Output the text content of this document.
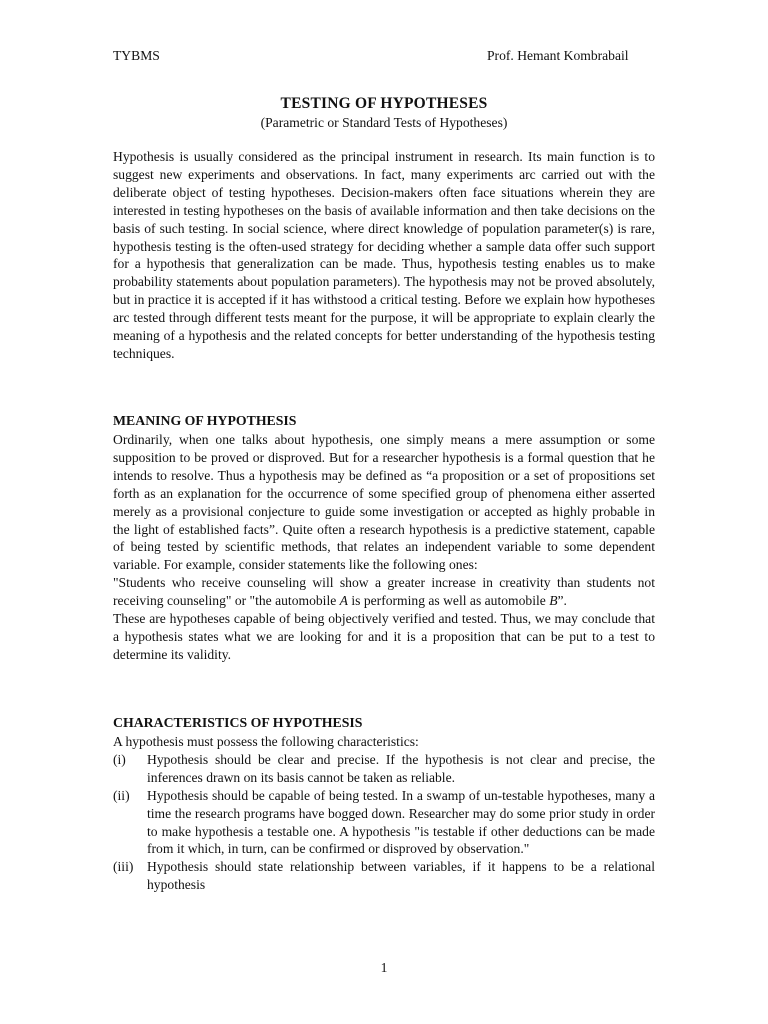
TYBMS	Prof. Hemant Kombrabail
TESTING OF HYPOTHESES
(Parametric or Standard Tests of Hypotheses)

Hypothesis is usually considered as the principal instrument in research. Its main function is to suggest new experiments and observations. In fact, many experiments arc carried out with the deliberate object of testing hypotheses. Decision-makers often face situations wherein they are interested in testing hypotheses on the basis of available information and then take decisions on the basis of such testing. In social science, where direct knowledge of population parameter(s) is rare, hypothesis testing is the often-used strategy for deciding whether a sample data offer such support for a hypothesis that generalization can be made. Thus, hypothesis testing enables us to make probability statements about population parameters). The hypothesis may not be proved absolutely, but in practice it is accepted if it has withstood a critical testing. Before we explain how hypotheses arc tested through different tests meant for the purpose, it will be appropriate to explain clearly the meaning of a hypothesis and the related concepts for better understanding of the hypothesis testing techniques.

MEANING OF HYPOTHESIS

Ordinarily, when one talks about hypothesis, one simply means a mere assumption or some supposition to be proved or disproved. But for a researcher hypothesis is a formal question that he intends to resolve. Thus a hypothesis may be defined as “a proposition or a set of propositions set forth as an explanation for the occurrence of some specified group of phenomena either asserted merely as a provisional conjecture to guide some investigation or accepted as highly probable in the light of established facts”. Quite often a research hypothesis is a predictive statement, capable of being tested by scientific methods, that relates an independent variable to some dependent variable. For example, consider statements like the following ones:

"Students who receive counseling will show a greater increase in creativity than students not receiving counseling" or "the automobile A is performing as well as automobile B”.

These are hypotheses capable of being objectively verified and tested. Thus, we may conclude that a hypothesis states what we are looking for and it is a proposition that can be put to a test to determine its validity.

CHARACTERISTICS OF HYPOTHESIS

A hypothesis must possess the following characteristics:

(i)	Hypothesis should be clear and precise. If the hypothesis is not clear and precise, the inferences drawn on its basis cannot be taken as reliable.
(ii)	Hypothesis should be capable of being tested. In a swamp of un-testable hypotheses, many a time the research programs have bogged down. Researcher may do some prior study in order to make hypothesis a testable one. A hypothesis "is testable if other deductions can be made from it which, in turn, can be confirmed or disproved by observation."
(iii)	Hypothesis should state relationship between variables, if it happens to be a relational hypothesis
1
